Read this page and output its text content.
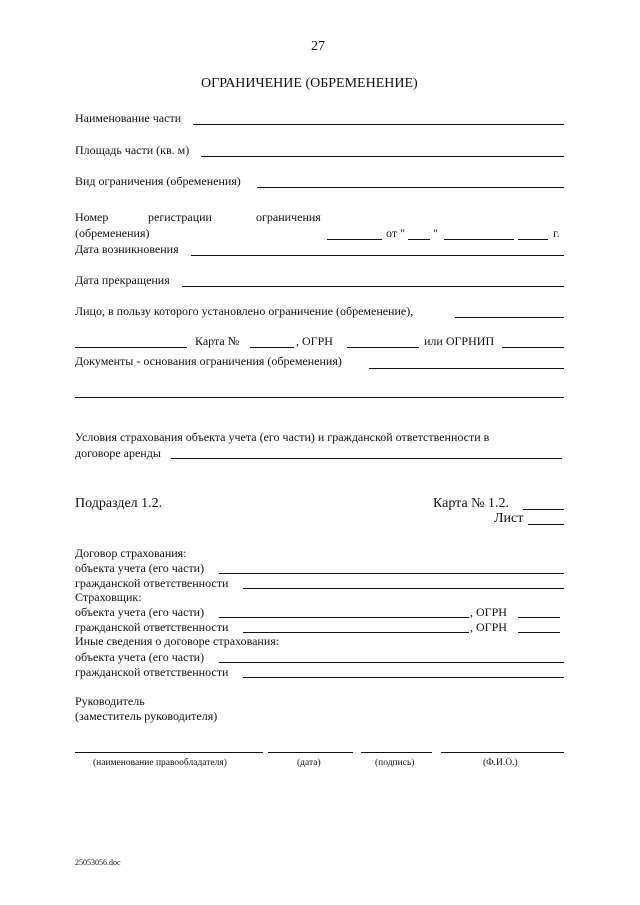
27
ОГРАНИЧЕНИЕ (ОБРЕМЕНЕНИЕ)
Наименование части
Площадь части (кв. м)
Вид ограничения (обременения)
Номер	регистрации	ограничения
(обременения)	от " "	г.
Дата возникновения
Дата прекращения
Лицо, в пользу которого установлено ограничение (обременение),
Карта №	, ОГРН	или ОГРНИП
Документы - основания ограничения (обременения)
Условия страхования объекта учета (его части) и гражданской ответственности в
договоре аренды
Подраздел 1.2.	Карта № 1.2.
Лист
Договор страхования:
объекта учета (его части)
гражданской ответственности
Страховщик:
объекта учета (его части)	, ОГРН
гражданской ответственности	, ОГРН
Иные сведения о договоре страхования:
объекта учета (его части)
гражданской ответственности
Руководитель
(заместитель руководителя)
(наименование правообладателя)	(дата)	(подпись)	(Ф.И.О.)
25053056.doc
